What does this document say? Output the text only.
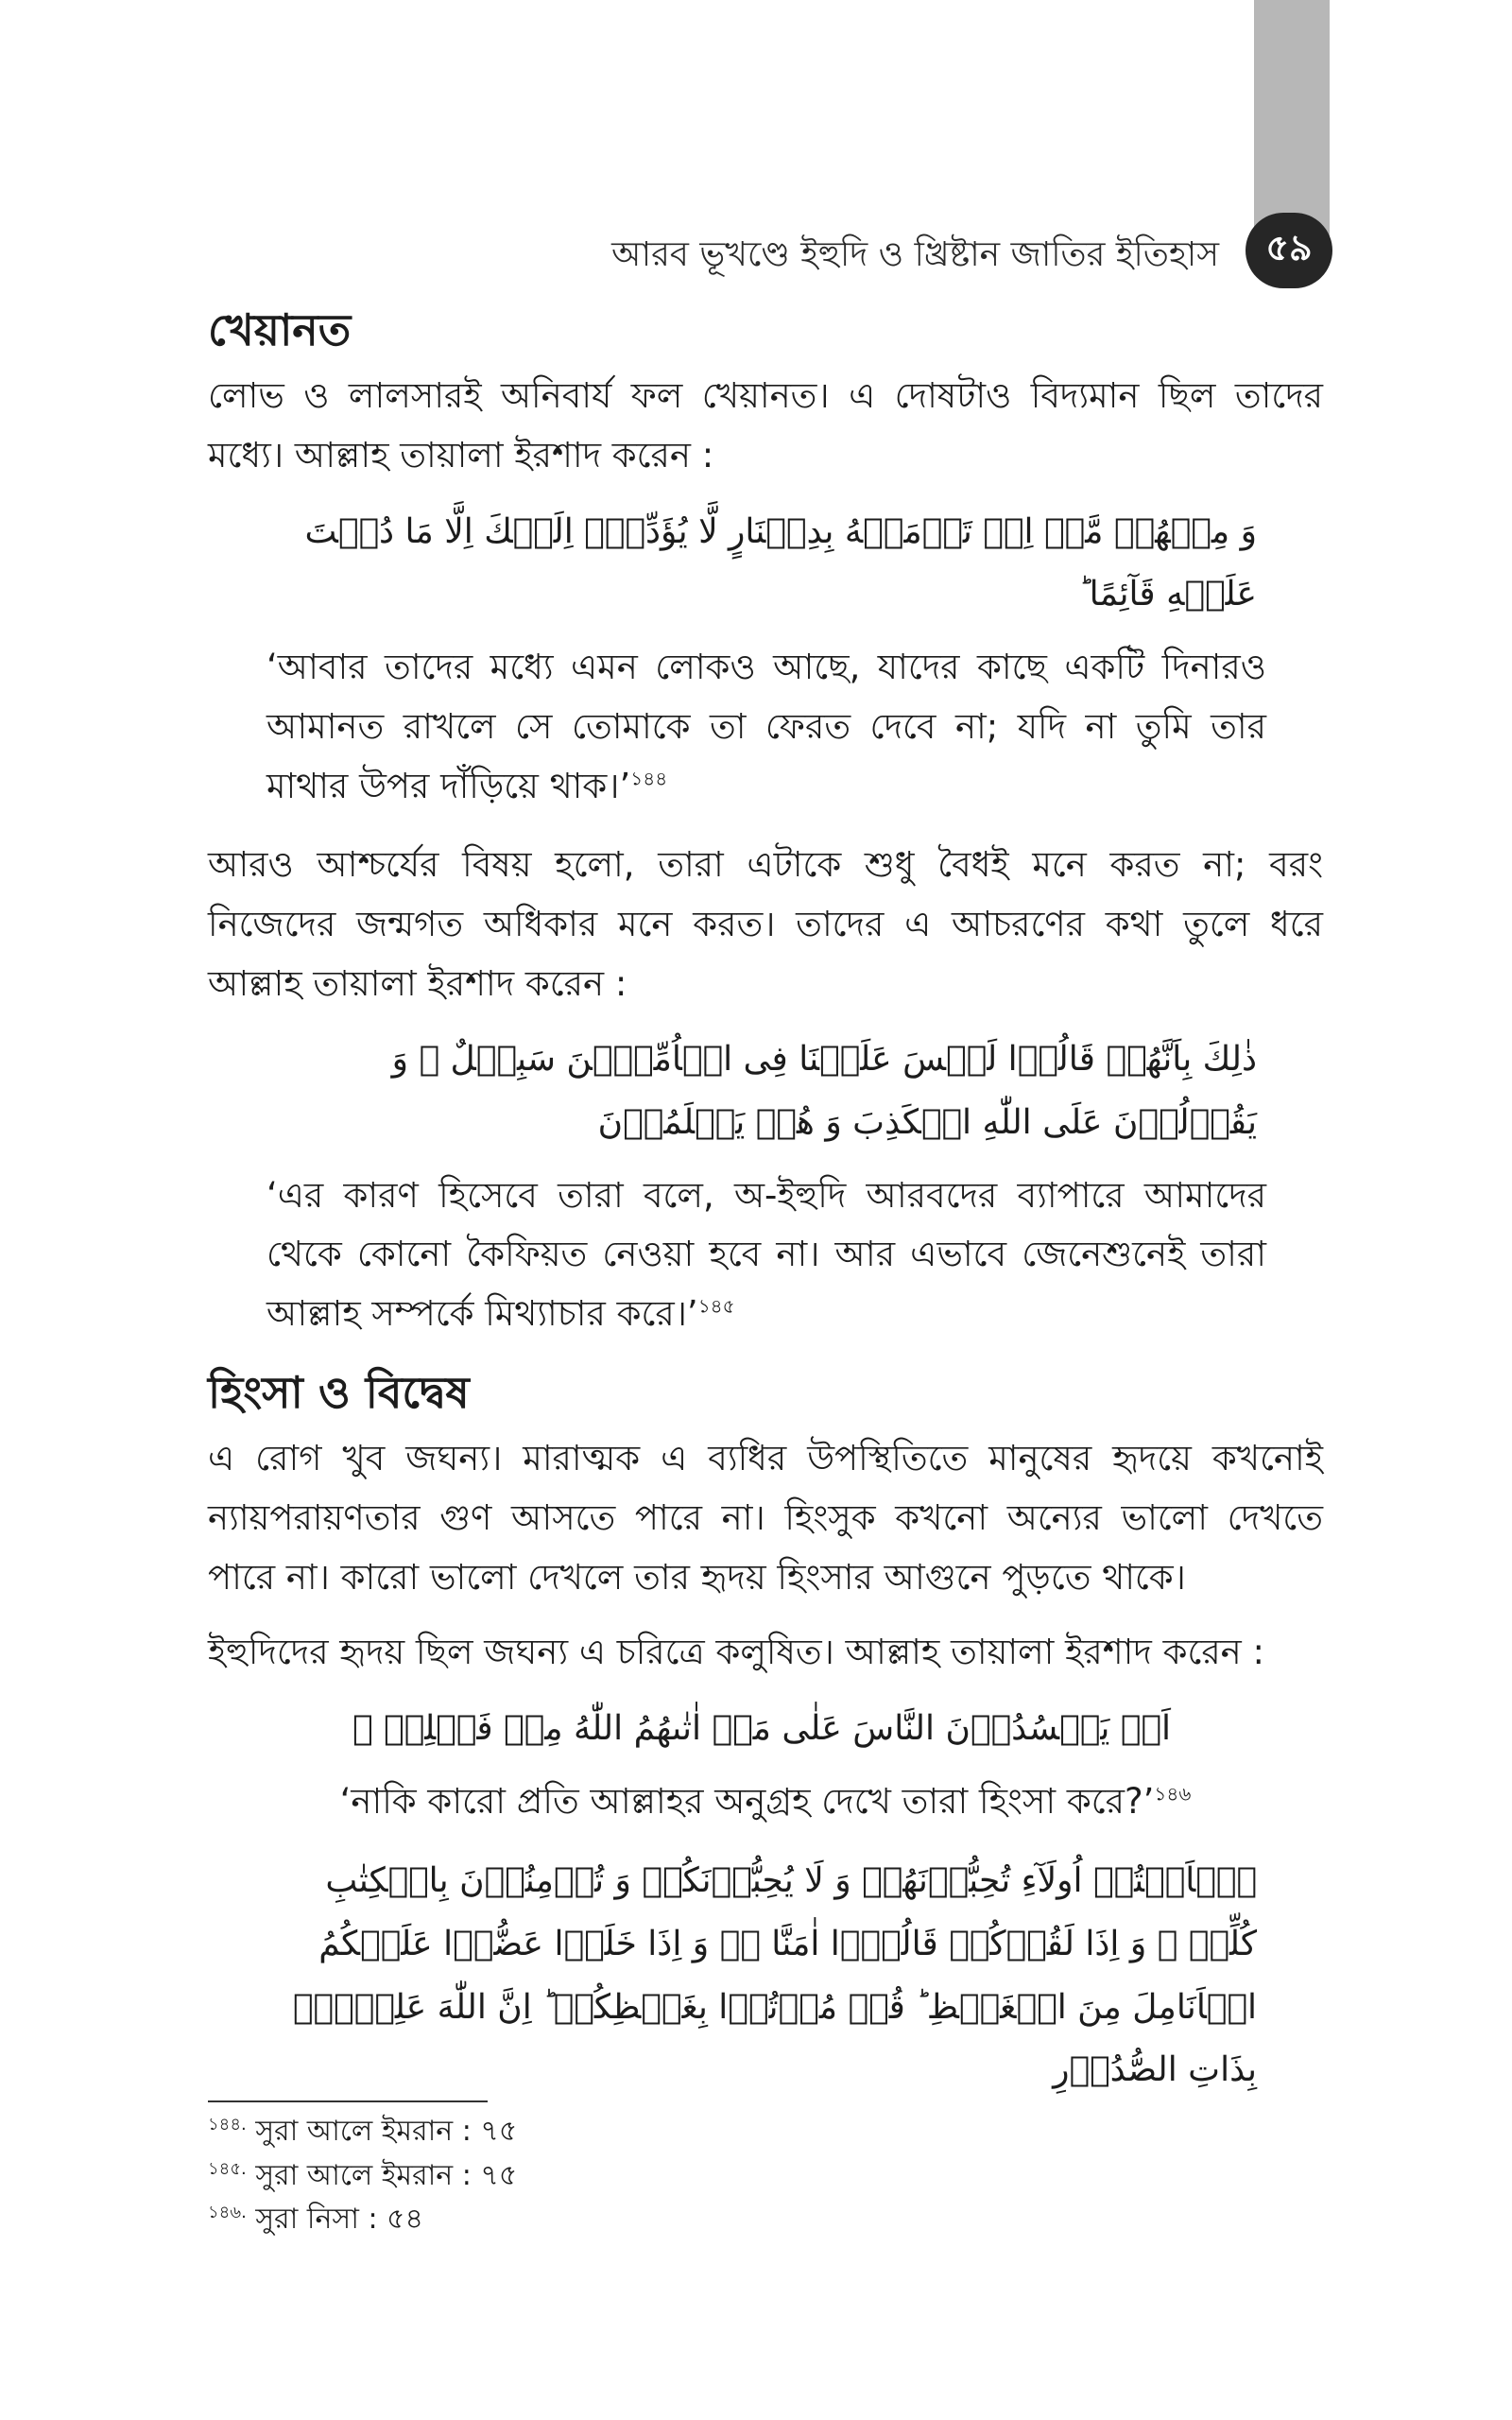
আরব ভূখণ্ডে ইহুদি ও খ্রিষ্টান জাতির ইতিহাস	৫৯
খেয়ানত

লোভ ও লালসারই অনিবার্য ফল খেয়ানত। এ দোষটাও বিদ্যমান ছিল তাদের মধ্যে। আল্লাহ তায়ালা ইরশাদ করেন :

وَ مِنۡهُمۡ مَّنۡ اِنۡ تَاۡمَنۡهُ بِدِیۡنَارٍ لَّا یُؤَدِّهٖۤ اِلَیۡكَ اِلَّا مَا دُمۡتَ عَلَیۡهِ قَآئِمًا ؕ
‘আবার তাদের মধ্যে এমন লোকও আছে, যাদের কাছে একটি দিনারও আমানত রাখলে সে তোমাকে তা ফেরত দেবে না; যদি না তুমি তার মাথার উপর দাঁড়িয়ে থাক।’$^{১৪৪}$

আরও আশ্চর্যের বিষয় হলো, তারা এটাকে শুধু বৈধই মনে করত না; বরং নিজেদের জন্মগত অধিকার মনে করত। তাদের এ আচরণের কথা তুলে ধরে আল্লাহ তায়ালা ইরশাদ করেন :

ذٰلِكَ بِاَنَّهُمۡ قَالُوۡا لَیۡسَ عَلَیۡنَا فِی الۡاُمِّیّٖنَ سَبِیۡلٌ ۚ وَ یَقُوۡلُوۡنَ عَلَی اللّٰهِ الۡكَذِبَ وَ هُمۡ یَعۡلَمُوۡنَ
‘এর কারণ হিসেবে তারা বলে, অ-ইহুদি আরবদের ব্যাপারে আমাদের থেকে কোনো কৈফিয়ত নেওয়া হবে না। আর এভাবে জেনেশুনেই তারা আল্লাহ সম্পর্কে মিথ্যাচার করে।’$^{১৪৫}$
হিংসা ও বিদ্বেষ

এ রোগ খুব জঘন্য। মারাত্মক এ ব্যধির উপস্থিতিতে মানুষের হৃদয়ে কখনোই ন্যায়পরায়ণতার গুণ আসতে পারে না। হিংসুক কখনো অন্যের ভালো দেখতে পারে না। কারো ভালো দেখলে তার হৃদয় হিংসার আগুনে পুড়তে থাকে।

ইহুদিদের হৃদয় ছিল জঘন্য এ চরিত্রে কলুষিত। আল্লাহ তায়ালা ইরশাদ করেন :

اَمۡ یَحۡسُدُوۡنَ النَّاسَ عَلٰی مَاۤ اٰتٰىهُمُ اللّٰهُ مِنۡ فَضۡلِهٖ ۚ
‘নাকি কারো প্রতি আল্লাহর অনুগ্রহ দেখে তারা হিংসা করে?’$^{১৪৬}$
هٰۤاَنۡتُمۡ اُولَآءِ تُحِبُّوۡنَهُمۡ وَ لَا یُحِبُّوۡنَكُمۡ وَ تُؤۡمِنُوۡنَ بِالۡكِتٰبِ كُلِّهٖ ۚ وَ اِذَا لَقُوۡكُمۡ قَالُوۡۤا اٰمَنَّا ۖۚ وَ اِذَا خَلَوۡا عَضُّوۡا عَلَیۡكُمُ الۡاَنَامِلَ مِنَ الۡغَیۡظِ ؕ قُلۡ مُوۡتُوۡا بِغَیۡظِكُمۡ ؕ اِنَّ اللّٰهَ عَلِیۡمٌۢ بِذَاتِ الصُّدُوۡرِ
$^{১৪৪.}$ সুরা আলে ইমরান : ৭৫
$^{১৪৫.}$ সুরা আলে ইমরান : ৭৫
$^{১৪৬.}$ সুরা নিসা : ৫৪
